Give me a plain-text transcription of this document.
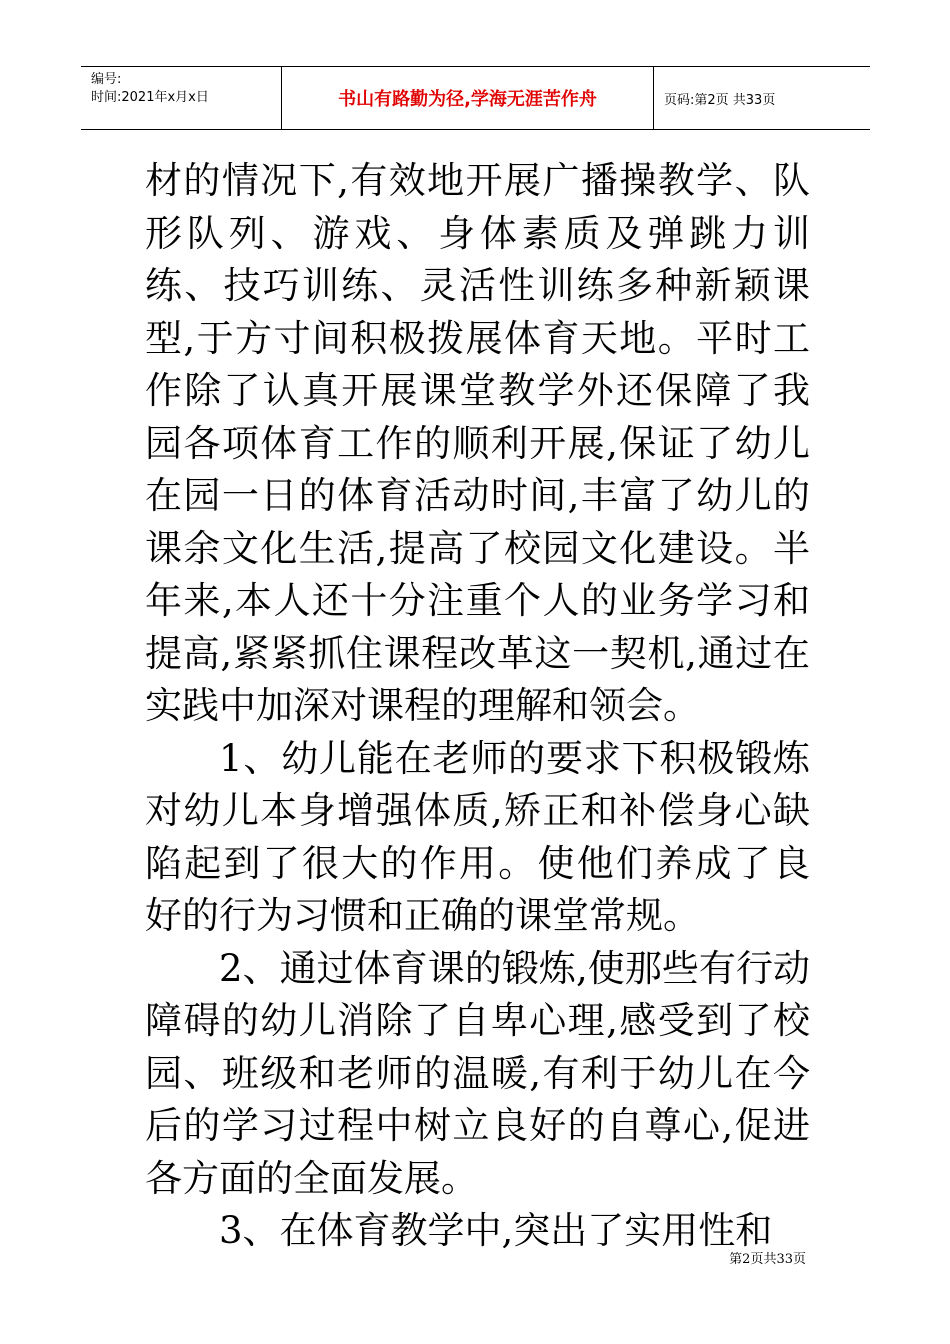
编号:
时间:2021年x月x日	书山有路勤为径,学海无涯苦作舟	页码:第2页 共33页

材的情况下,有效地开展广播操教学、队形队列、游戏、身体素质及弹跳力训练、技巧训练、灵活性训练多种新颖课型,于方寸间积极拨展体育天地。平时工作除了认真开展课堂教学外还保障了我园各项体育工作的顺利开展,保证了幼儿在园一日的体育活动时间,丰富了幼儿的课余文化生活,提高了校园文化建设。半年来,本人还十分注重个人的业务学习和提高,紧紧抓住课程改革这一契机,通过在实践中加深对课程的理解和领会。

1、幼儿能在老师的要求下积极锻炼对幼儿本身增强体质,矫正和补偿身心缺陷起到了很大的作用。使他们养成了良好的行为习惯和正确的课堂常规。

2、通过体育课的锻炼,使那些有行动障碍的幼儿消除了自卑心理,感受到了校园、班级和老师的温暖,有利于幼儿在今后的学习过程中树立良好的自尊心,促进各方面的全面发展。

3、在体育教学中,突出了实用性和

第2页共33页
